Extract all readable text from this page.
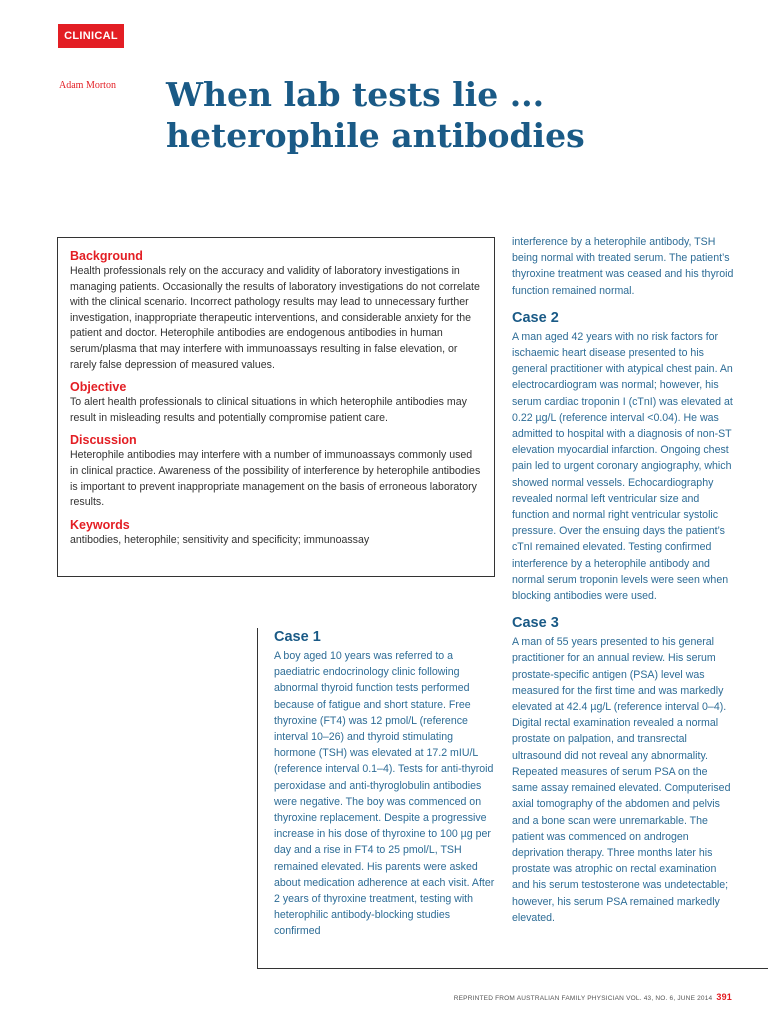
CLINICAL
Adam Morton When lab tests lie ...
heterophile antibodies
Background
Health professionals rely on the accuracy and validity of laboratory investigations in managing patients. Occasionally the results of laboratory investigations do not correlate with the clinical scenario. Incorrect pathology results may lead to unnecessary further investigation, inappropriate therapeutic interventions, and considerable anxiety for the patient and doctor. Heterophile antibodies are endogenous antibodies in human serum/plasma that may interfere with immunoassays resulting in false elevation, or rarely false depression of measured values.
Objective
To alert health professionals to clinical situations in which heterophile antibodies may result in misleading results and potentially compromise patient care.
Discussion
Heterophile antibodies may interfere with a number of immunoassays commonly used in clinical practice. Awareness of the possibility of interference by heterophile antibodies is important to prevent inappropriate management on the basis of erroneous laboratory results.
Keywords
antibodies, heterophile; sensitivity and specificity; immunoassay
Case 1
A boy aged 10 years was referred to a paediatric endocrinology clinic following abnormal thyroid function tests performed because of fatigue and short stature. Free thyroxine (FT4) was 12 pmol/L (reference interval 10–26) and thyroid stimulating hormone (TSH) was elevated at 17.2 mIU/L (reference interval 0.1–4). Tests for anti-thyroid peroxidase and anti-thyroglobulin antibodies were negative. The boy was commenced on thyroxine replacement. Despite a progressive increase in his dose of thyroxine to 100 µg per day and a rise in FT4 to 25 pmol/L, TSH remained elevated. His parents were asked about medication adherence at each visit. After 2 years of thyroxine treatment, testing with heterophilic antibody-blocking studies confirmed
interference by a heterophile antibody, TSH being normal with treated serum. The patient’s thyroxine treatment was ceased and his thyroid function remained normal.
Case 2
A man aged 42 years with no risk factors for ischaemic heart disease presented to his general practitioner with atypical chest pain. An electrocardiogram was normal; however, his serum cardiac troponin I (cTnI) was elevated at 0.22 µg/L (reference interval <0.04). He was admitted to hospital with a diagnosis of non-ST elevation myocardial infarction. Ongoing chest pain led to urgent coronary angiography, which showed normal vessels. Echocardiography revealed normal left ventricular size and function and normal right ventricular systolic pressure. Over the ensuing days the patient’s cTnI remained elevated. Testing confirmed interference by a heterophile antibody and normal serum troponin levels were seen when blocking antibodies were used.
Case 3
A man of 55 years presented to his general practitioner for an annual review. His serum prostate-specific antigen (PSA) level was measured for the first time and was markedly elevated at 42.4 µg/L (reference interval 0–4). Digital rectal examination revealed a normal prostate on palpation, and transrectal ultrasound did not reveal any abnormality. Repeated measures of serum PSA on the same assay remained elevated. Computerised axial tomography of the abdomen and pelvis and a bone scan were unremarkable. The patient was commenced on androgen deprivation therapy. Three months later his prostate was atrophic on rectal examination and his serum testosterone was undetectable; however, his serum PSA remained markedly elevated.
REPRINTED FROM AUSTRALIAN FAMILY PHYSICIAN VOL. 43, NO. 6, JUNE 2014 391
